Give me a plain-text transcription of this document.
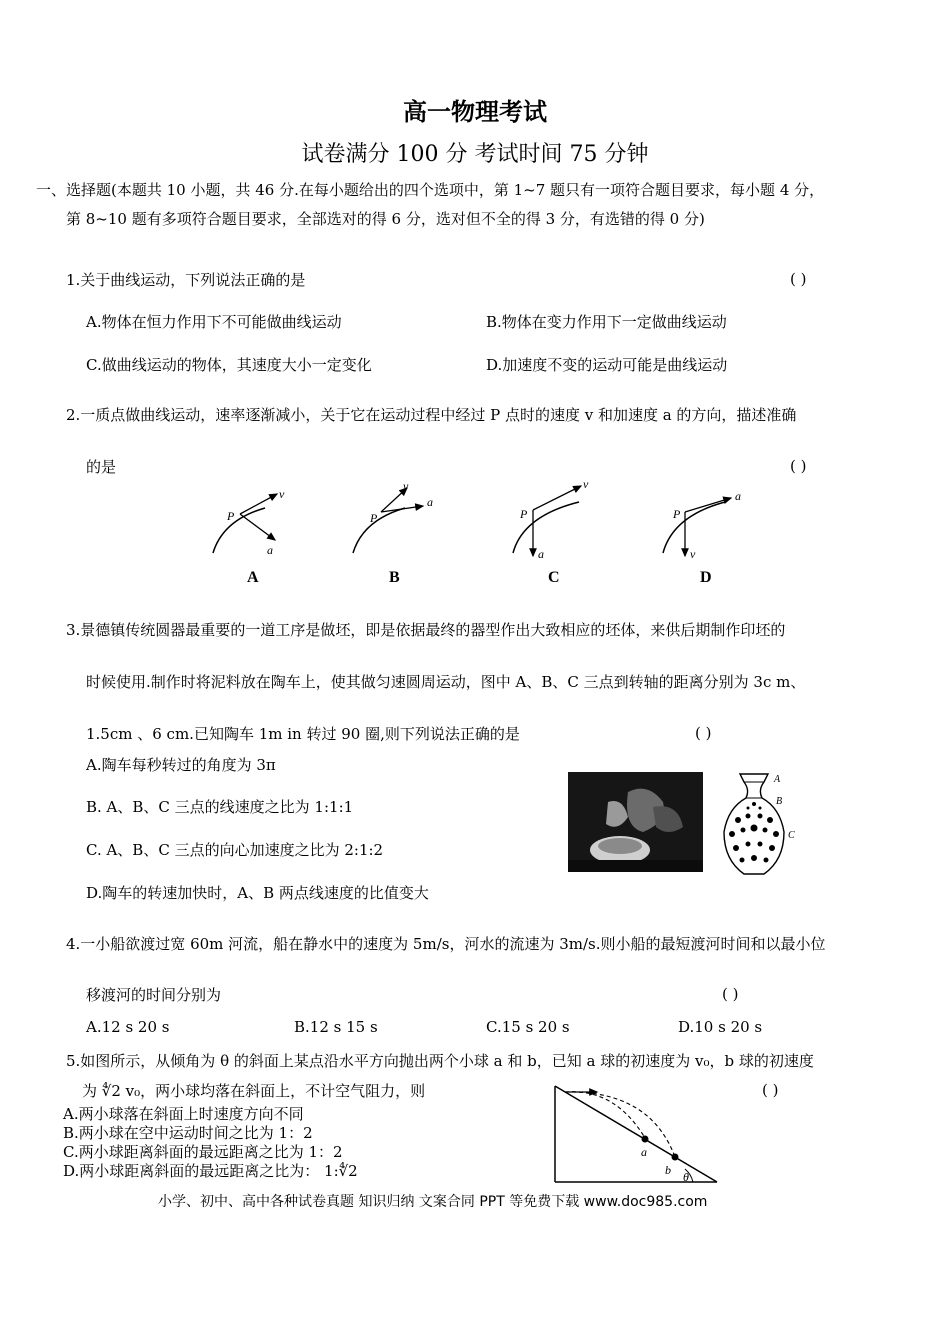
高一物理考试
试卷满分 100 分 考试时间 75 分钟
一、选择题(本题共 10 小题，共 46 分.在每小题给出的四个选项中，第 1~7 题只有一项符合题目要求，每小题 4 分，
第 8~10 题有多项符合题目要求，全部选对的得 6 分，选对但不全的得 3 分，有选错的得 0 分)
1.关于曲线运动，下列说法正确的是	( )
A.物体在恒力作用下不可能做曲线运动	B.物体在变力作用下一定做曲线运动
C.做曲线运动的物体，其速度大小一定变化	D.加速度不变的运动可能是曲线运动
2.一质点做曲线运动，速率逐渐减小，关于它在运动过程中经过 P 点时的速度 v 和加速度 a 的方向，描述准确
的是	( )
P
v
a
A
P
v
a
B
P
v
a
C
P
a
v
D
3.景德镇传统圆器最重要的一道工序是做坯，即是依据最终的器型作出大致相应的坯体，来供后期制作印坯的
时候使用.制作时将泥料放在陶车上，使其做匀速圆周运动，图中 A、B、C 三点到转轴的距离分别为 3c m、
1.5cm 、6 cm.已知陶车 1m in 转过 90 圈,则下列说法正确的是	( )
A.陶车每秒转过的角度为 3π
B. A、B、C 三点的线速度之比为 1:1:1
C. A、B、C 三点的向心加速度之比为 2:1:2
D.陶车的转速加快时，A、B 两点线速度的比值变大
A
B
C
4.一小船欲渡过宽 60m 河流，船在静水中的速度为 5m/s，河水的流速为 3m/s.则小船的最短渡河时间和以最小位
移渡河的时间分别为	( )
A.12 s 20 s	B.12 s 15 s	C.15 s 20 s	D.10 s 20 s
5.如图所示，从倾角为 θ 的斜面上某点沿水平方向抛出两个小球 a 和 b，已知 a 球的初速度为 v₀，b 球的初速度
为 ∜2 v₀，两小球均落在斜面上，不计空气阻力，则	( )
A.两小球落在斜面上时速度方向不同
B.两小球在空中运动时间之比为 1：2
C.两小球距离斜面的最远距离之比为 1：2
D.两小球距离斜面的最远距离之比为： 1:∜2
a
b θ
小学、初中、高中各种试卷真题 知识归纳 文案合同 PPT 等免费下载 www.doc985.com
